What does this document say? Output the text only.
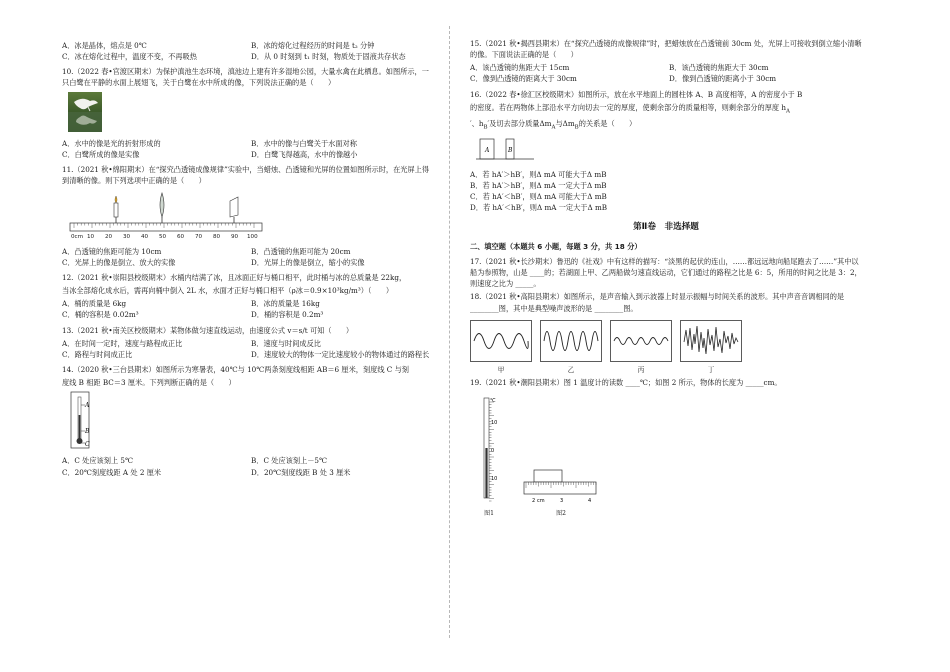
A．冰是晶体，熔点是 0℃	B．冰的熔化过程经历的时间是 t₂ 分钟
C．冰在熔化过程中，温度不变，不再吸热	D．从 0 时刻到 t₁ 时刻，物质处于固液共存状态
10.（2022 春•官渡区期末）为保护滇池生态环境，滇池边上建有许多湿地公园，大量水禽在此栖息。如图所示，一只白鹭在平静的水面上展翅飞，关于白鹭在水中所成的像，下列说法正确的是（　　）
A．水中的像是光的折射形成的	B．水中的像与白鹭关于水面对称
C．白鹭所成的像是实像	D．白鹭飞得越高，水中的像越小
11.（2021 秋•绵阳期末）在“探究凸透镜成像规律”实验中，当蜡烛、凸透镜和光屏的位置如图所示时，在光屏上得到清晰的像。则下列选项中正确的是（　　）
0cm 10 20 30 40 50 60 70 80 90 100
A．凸透镜的焦距可能为 10cm	B．凸透镜的焦距可能为 20cm
C．光屏上的像是倒立、放大的实像	D．光屏上的像是倒立，缩小的实像
12.（2021 秋•崇阳县校级期末）水桶内结满了冰，且冰面正好与桶口相平，此时桶与冰的总质量是 22kg，
当冰全部熔化成水后，需再向桶中倒入 2L 水，水面才正好与桶口相平（ρ冰＝0.9×10³kg/m³）（　　）
A．桶的质量是 6kg	B．冰的质量是 16kg
C．桶的容积是 0.02m³	D．桶的容积是 0.2m³
13.（2021 秋•南关区校级期末）某物体做匀速直线运动，由速度公式 v＝s/t 可知（　　）
A．在时间一定时，速度与路程成正比	B．速度与时间成反比
C．路程与时间成正比	D．速度较大的物体一定比速度较小的物体通过的路程长
14.（2020 秋•三台县期末）如图所示为寒暑表，40℃与 10℃两条刻度线相距 AB＝6 厘米，刻度线 C 与刻
度线 B 相距 BC＝3 厘米。下列判断正确的是（　　）
A
B
C
A．C 处应该刻上 5℃	B．C 处应该刻上－5℃
C．20℃刻度线距 A 处 2 厘米	D．20℃刻度线距 B 处 3 厘米
15.（2021 秋•揭西县期末）在“探究凸透镜的成像规律”时，把蜡烛放在凸透镜前 30cm 处，光屏上可接收到倒立缩小清晰的像。下面说法正确的是（　　）
A．该凸透镜的焦距大于 15cm	B．该凸透镜的焦距大于 30cm
C．像到凸透镜的距离大于 30cm	D．像到凸透镜的距离小于 30cm
16.（2022 春•徐汇区校级期末）如图所示，放在水平地面上的圆柱体 A、B 高度相等，A 的密度小于 B
的密度。若在两物体上部沿水平方向切去一定的厚度，使剩余部分的质量相等，则剩余部分的厚度 $h_A$
′、$h_B'$及切去部分质量$\Delta m_A$与$\Delta m_B$的关系是（　　）
A	B
A．若 hA′＞hB′，则Δ mA 可能大于Δ mB
B．若 hA′＞hB′，则Δ mA 一定大于Δ mB
C．若 hA′＜hB′，则Δ mA 可能大于Δ mB
D．若 hA′＜hB′，则Δ mA 一定大于Δ mB
第Ⅱ卷　非选择题
二、填空题（本题共 6 小题，每题 3 分，共 18 分）
17.（2021 秋•长沙期末）鲁迅的《社戏》中有这样的描写：“淡黑的起伏的连山，……都远远地向船尾跑去了……”其中以船为参照物，山是 ____的；若湖面上甲、乙两船做匀速直线运动，它们通过的路程之比是 6：5，所用的时间之比是 3：2，则速度之比为 _____。
18.（2021 秋•高阳县期末）如图所示，是声音输入到示波器上时显示振幅与时间关系的波形。其中声音音调相同的是 ________图，其中是典型噪声波形的是 ________图。
甲	乙	丙	丁
19.（2021 秋•潮阳县期末）图 1 温度计的读数 ____℃；如图 2 所示，物体的长度为 _____cm。
℃
10
0
10
图1
2 cm	3	4
图2
